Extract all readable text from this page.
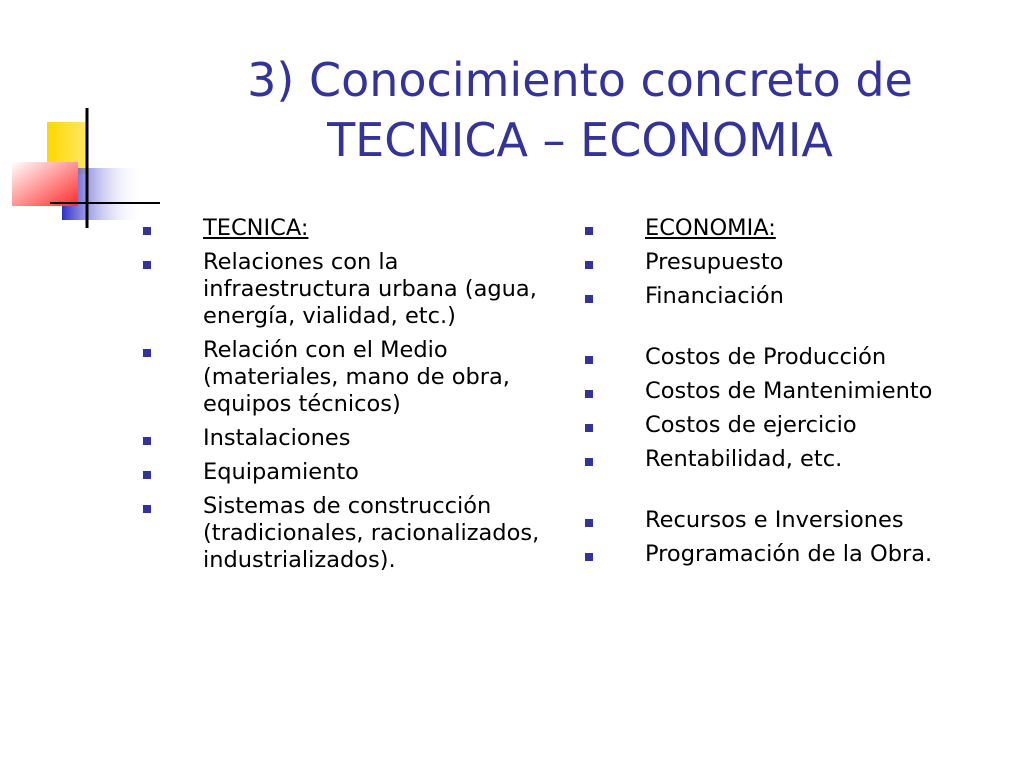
3) Conocimiento concreto de
TECNICA – ECONOMIA
TECNICA:
Relaciones con la infraestructura urbana (agua, energía, vialidad, etc.)
Relación con el Medio (materiales, mano de obra, equipos técnicos)
Instalaciones
Equipamiento
Sistemas de construcción (tradicionales, racionalizados, industrializados).
ECONOMIA:
Presupuesto
Financiación
Costos de Producción
Costos de Mantenimiento
Costos de ejercicio
Rentabilidad, etc.
Recursos e Inversiones
Programación de la Obra.
